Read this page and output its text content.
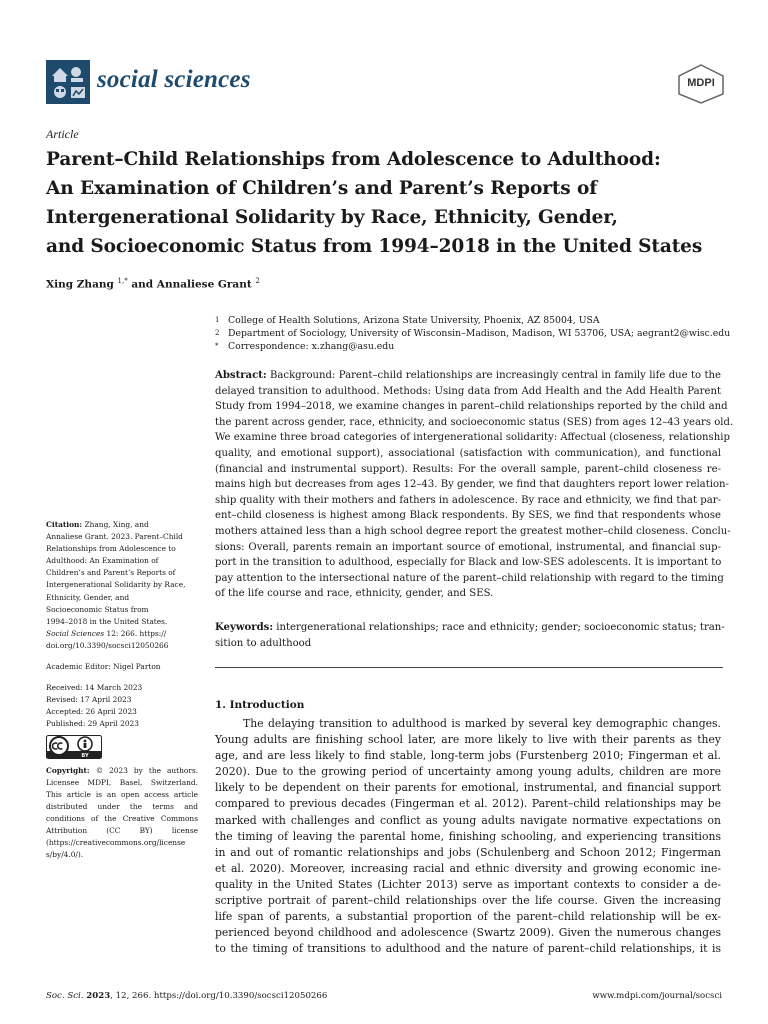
social sciences	MDPI
Article
Parent–Child Relationships from Adolescence to Adulthood:
An Examination of Children’s and Parent’s Reports of
Intergenerational Solidarity by Race, Ethnicity, Gender,
and Socioeconomic Status from 1994–2018 in the United States
Xing Zhang $^{1,*}$ and Annaliese Grant $^2$
1 College of Health Solutions, Arizona State University, Phoenix, AZ 85004, USA
2 Department of Sociology, University of Wisconsin–Madison, Madison, WI 53706, USA; aegrant2@wisc.edu
* Correspondence: x.zhang@asu.edu
Abstract: Background: Parent–child relationships are increasingly central in family life due to the
delayed transition to adulthood. Methods: Using data from Add Health and the Add Health Parent
Study from 1994–2018, we examine changes in parent–child relationships reported by the child and
the parent across gender, race, ethnicity, and socioeconomic status (SES) from ages 12–43 years old.
We examine three broad categories of intergenerational solidarity: Affectual (closeness, relationship
quality, and emotional support), associational (satisfaction with communication), and functional
(financial and instrumental support). Results: For the overall sample, parent–child closeness re-
mains high but decreases from ages 12–43. By gender, we find that daughters report lower relation-
ship quality with their mothers and fathers in adolescence. By race and ethnicity, we find that par-
ent–child closeness is highest among Black respondents. By SES, we find that respondents whose
mothers attained less than a high school degree report the greatest mother–child closeness. Conclu-
sions: Overall, parents remain an important source of emotional, instrumental, and financial sup-
port in the transition to adulthood, especially for Black and low-SES adolescents. It is important to
pay attention to the intersectional nature of the parent–child relationship with regard to the timing
of the life course and race, ethnicity, gender, and SES.
Keywords: intergenerational relationships; race and ethnicity; gender; socioeconomic status; tran-
sition to adulthood
1. Introduction
The delaying transition to adulthood is marked by several key demographic changes.
Young adults are finishing school later, are more likely to live with their parents as they
age, and are less likely to find stable, long-term jobs (Furstenberg 2010; Fingerman et al.
2020). Due to the growing period of uncertainty among young adults, children are more
likely to be dependent on their parents for emotional, instrumental, and financial support
compared to previous decades (Fingerman et al. 2012). Parent–child relationships may be
marked with challenges and conflict as young adults navigate normative expectations on
the timing of leaving the parental home, finishing schooling, and experiencing transitions
in and out of romantic relationships and jobs (Schulenberg and Schoon 2012; Fingerman
et al. 2020). Moreover, increasing racial and ethnic diversity and growing economic ine-
quality in the United States (Lichter 2013) serve as important contexts to consider a de-
scriptive portrait of parent–child relationships over the life course. Given the increasing
life span of parents, a substantial proportion of the parent–child relationship will be ex-
perienced beyond childhood and adolescence (Swartz 2009). Given the numerous changes
to the timing of transitions to adulthood and the nature of parent–child relationships, it is
Citation: Zhang, Xing, and
Annaliese Grant. 2023. Parent–Child
Relationships from Adolescence to
Adulthood: An Examination of
Children’s and Parent’s Reports of
Intergenerational Solidarity by Race,
Ethnicity, Gender, and
Socioeconomic Status from
1994–2018 in the United States.
Social Sciences 12: 266. https://
doi.org/10.3390/socsci12050266
Academic Editor: Nigel Parton
Received: 14 March 2023
Revised: 17 April 2023
Accepted: 26 April 2023
Published: 29 April 2023
BY
Copyright: © 2023 by the authors.
Licensee MDPI, Basel, Switzerland.
This article is an open access article
distributed under the terms and
conditions of the Creative Commons
Attribution (CC BY) license
(https://creativecommons.org/license
s/by/4.0/).
Soc. Sci. 2023, 12, 266. https://doi.org/10.3390/socsci12050266	www.mdpi.com/journal/socsci
